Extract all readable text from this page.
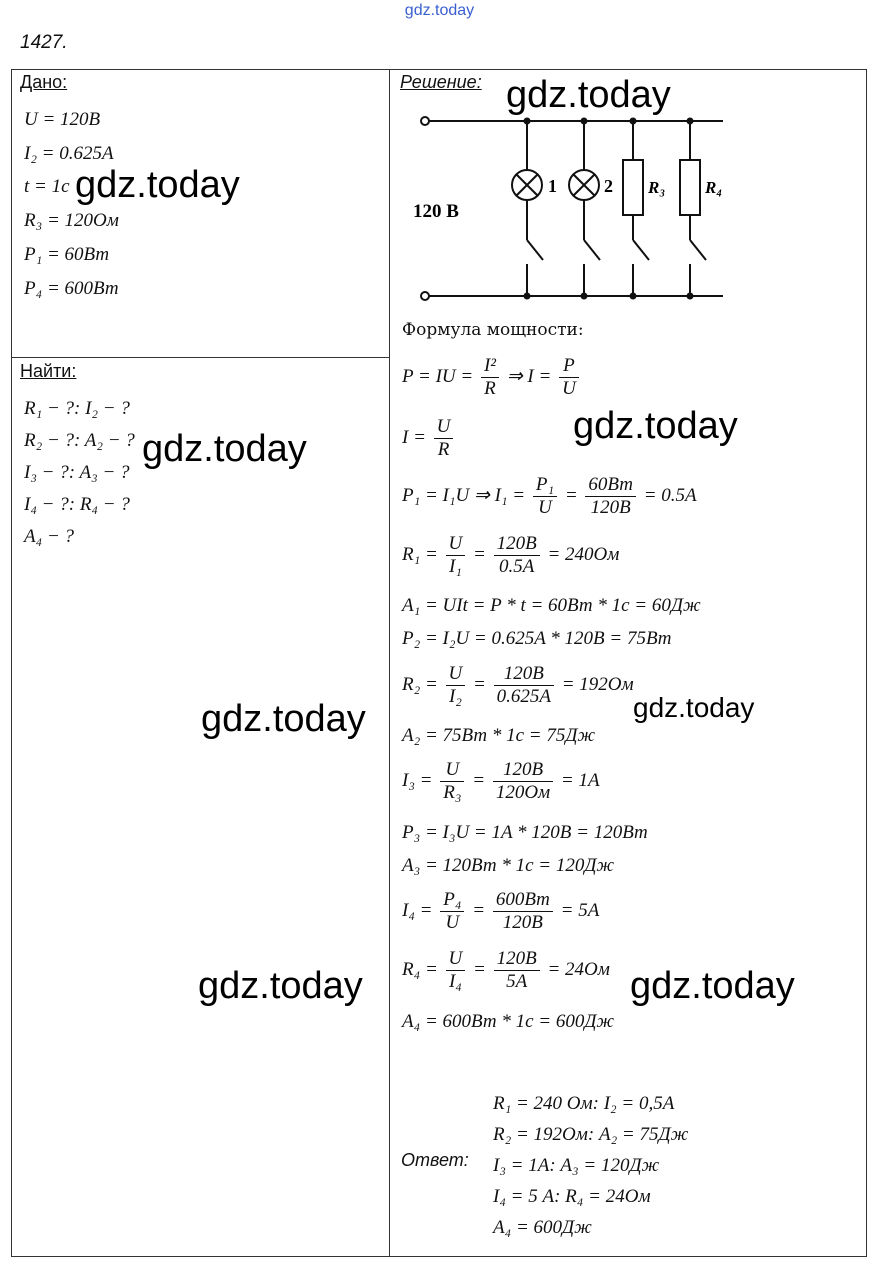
gdz.today
1427.
Дано:
U = 120В
I₂ = 0.625A
t = 1с
R₃ = 120Ом
P₁ = 60Вт
P₄ = 600Вт
Найти:
R₁ − ?: I₂ − ?
R₂ − ?: A₂ − ?
I₃ − ?: A₃ − ?
I₄ − ?: R₄ − ?
A₄ − ?
Решение:
120 В
1	2 R₃ R₄
Формула мощности:
P = IU = $\frac{\text{I²}}{R}$ ⇒ $I = \frac{P}{U}$
$I = \frac{U}{R}$
P₁ = I₁U ⇒ $I_1 = \frac{\text{P₁}}{U} = \frac{60Вт}{120В} = 0.5A$
$R_1 = \frac{U}{\text{I₁}} = \frac{120В}{0.5A} = 240Ом$
A₁ = UIt = P * t = 60Вт * 1с = 60Дж
P₂ = I₂U = 0.625A * 120В = 75Вт
$R_2 = \frac{U}{\text{I₂}} = \frac{120В}{0.625A} = 192Ом$
A₂ = 75Вт * 1с = 75Дж
$I_3 = \frac{U}{\text{R₃}} = \frac{120В}{120Ом} = 1A$
P₃ = I₃U = 1A * 120В = 120Вт
A₃ = 120Вт * 1с = 120Дж
$I_4 = \frac{\text{P₄}}{U} = \frac{600Вт}{120В} = 5A$
$R_4 = \frac{U}{\text{I₄}} = \frac{120В}{5A} = 24Ом$
A₄ = 600Вт * 1с = 600Дж
Ответ:
R₁ = 240 Ом: I₂ = 0,5A
R₂ = 192Ом: A₂ = 75Дж
I₃ = 1А: A₃ = 120Дж
I₄ = 5 А: R₄ = 24Ом
A₄ = 600Дж
gdz.today
gdz.today
gdz.today
gdz.today
gdz.today	gdz.today
gdz.today	gdz.today
